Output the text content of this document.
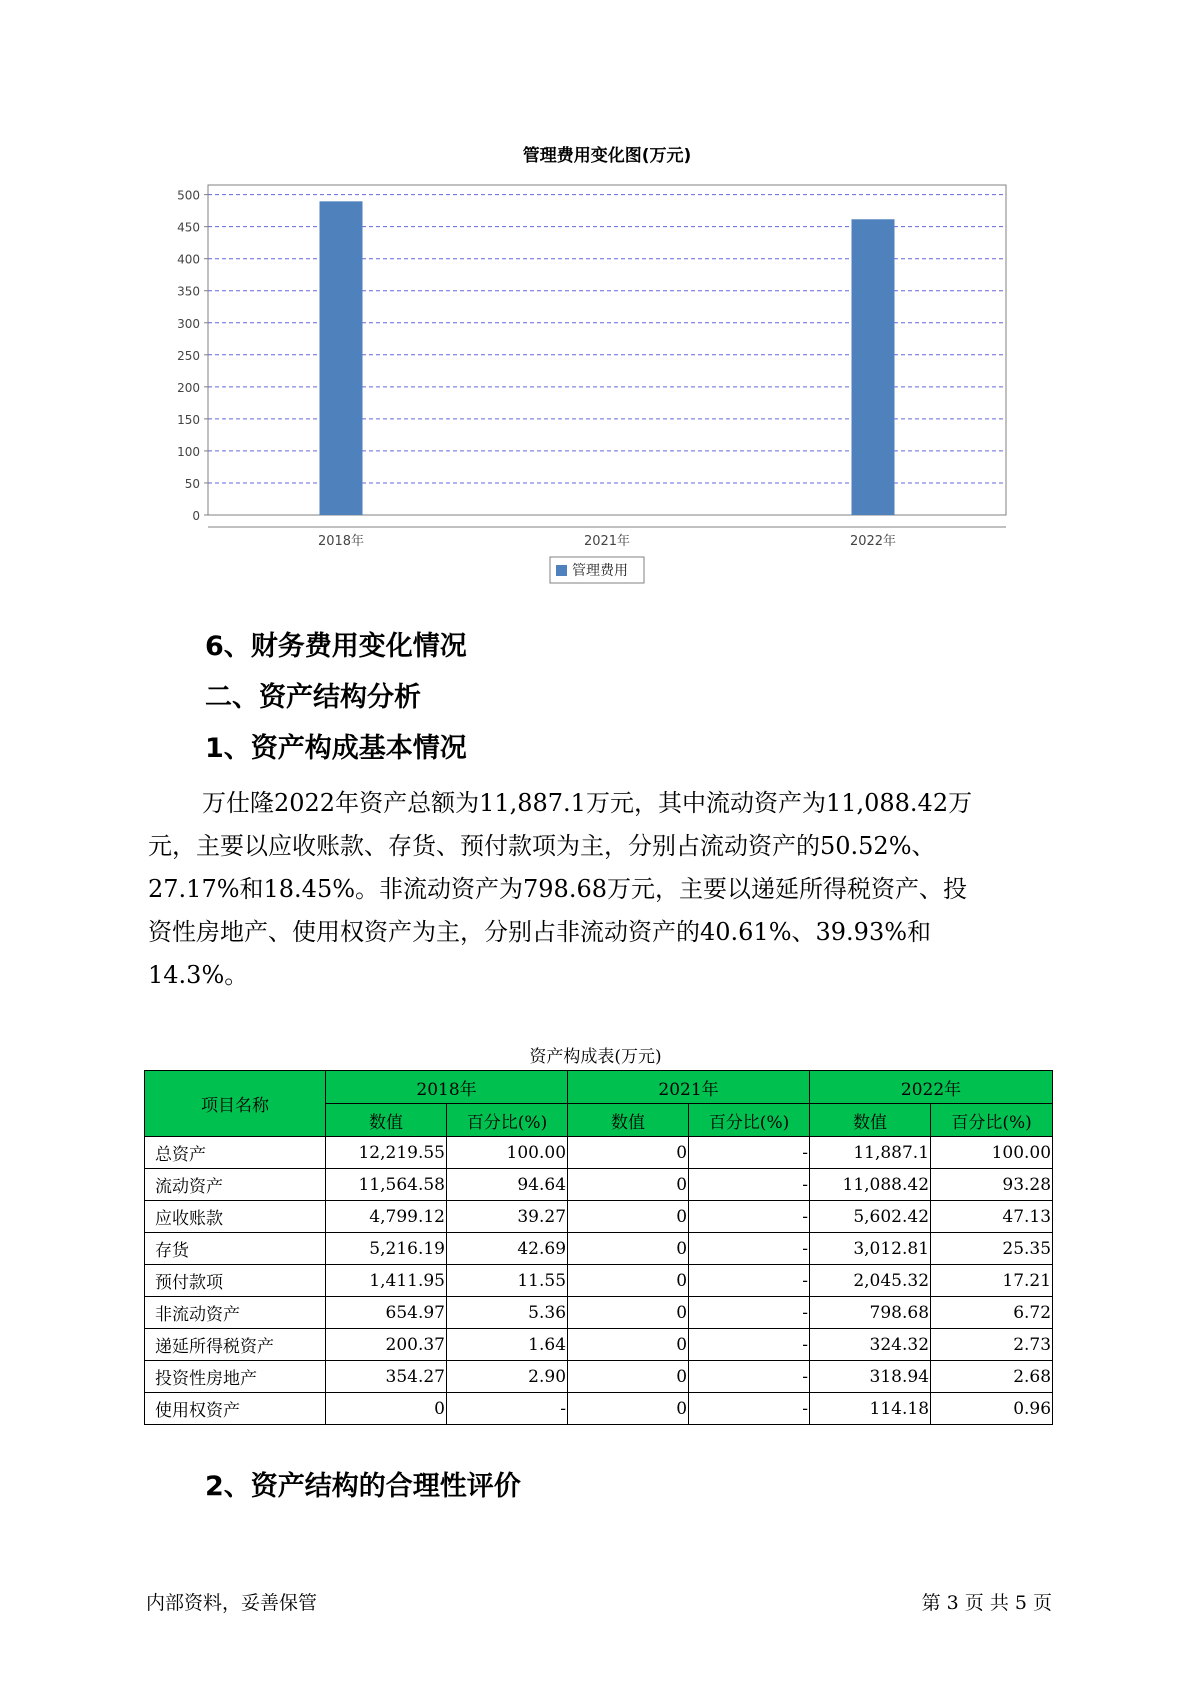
管理费用变化图(万元)
0
50
100
150
200
250
300
350
400
450
500
2018年	2021年	2022年
管理费用
6、财务费用变化情况
二、资产结构分析
1、资产构成基本情况

万仕隆2022年资产总额为11,887.1万元，其中流动资产为11,088.42万
元，主要以应收账款、存货、预付款项为主，分别占流动资产的50.52%、
27.17%和18.45%。非流动资产为798.68万元，主要以递延所得税资产、投
资性房地产、使用权资产为主，分别占非流动资产的40.61%、39.93%和
14.3%。

资产构成表(万元)
项目名称	2018年		2021年		2022年	
	数值	百分比(%)	数值	百分比(%)	数值	百分比(%)
总资产	12,219.55	100.00	0	-	11,887.1	100.00
流动资产	11,564.58	94.64	0	-	11,088.42	93.28
应收账款	4,799.12	39.27	0	-	5,602.42	47.13
存货	5,216.19	42.69	0	-	3,012.81	25.35
预付款项	1,411.95	11.55	0	-	2,045.32	17.21
非流动资产	654.97	5.36	0	-	798.68	6.72
递延所得税资产	200.37	1.64	0	-	324.32	2.73
投资性房地产	354.27	2.90	0	-	318.94	2.68
使用权资产	0	-	0	-	114.18	0.96
2、资产结构的合理性评价
内部资料，妥善保管	第 3 页 共 5 页
